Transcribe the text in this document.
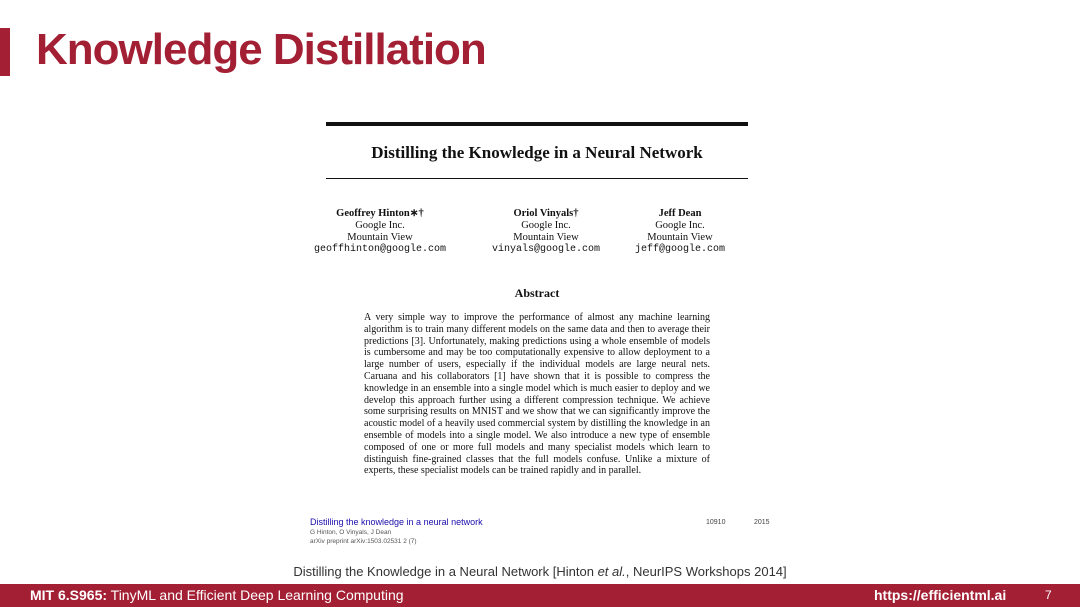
Knowledge Distillation
Distilling the Knowledge in a Neural Network
Geoffrey Hinton∗†
Google Inc.
Mountain View
geoffhinton@google.com
Oriol Vinyals†
Google Inc.
Mountain View
vinyals@google.com
Jeff Dean
Google Inc.
Mountain View
jeff@google.com
Abstract

A very simple way to improve the performance of almost any machine learning algorithm is to train many different models on the same data and then to average their predictions [3]. Unfortunately, making predictions using a whole ensemble of models is cumbersome and may be too computationally expensive to allow deployment to a large number of users, especially if the individual models are large neural nets. Caruana and his collaborators [1] have shown that it is possible to compress the knowledge in an ensemble into a single model which is much easier to deploy and we develop this approach further using a different compression technique. We achieve some surprising results on MNIST and we show that we can significantly improve the acoustic model of a heavily used commercial system by distilling the knowledge in an ensemble of models into a single model. We also introduce a new type of ensemble composed of one or more full models and many specialist models which learn to distinguish fine-grained classes that the full models confuse. Unlike a mixture of experts, these specialist models can be trained rapidly and in parallel.

Distilling the knowledge in a neural network
G Hinton, O Vinyals, J Dean
arXiv preprint arXiv:1503.02531 2 (7)
10910	2015
Distilling the Knowledge in a Neural Network [Hinton et al., NeurIPS Workshops 2014]
MIT 6.S965: TinyML and Efficient Deep Learning Computing	https://efficientml.ai	7
